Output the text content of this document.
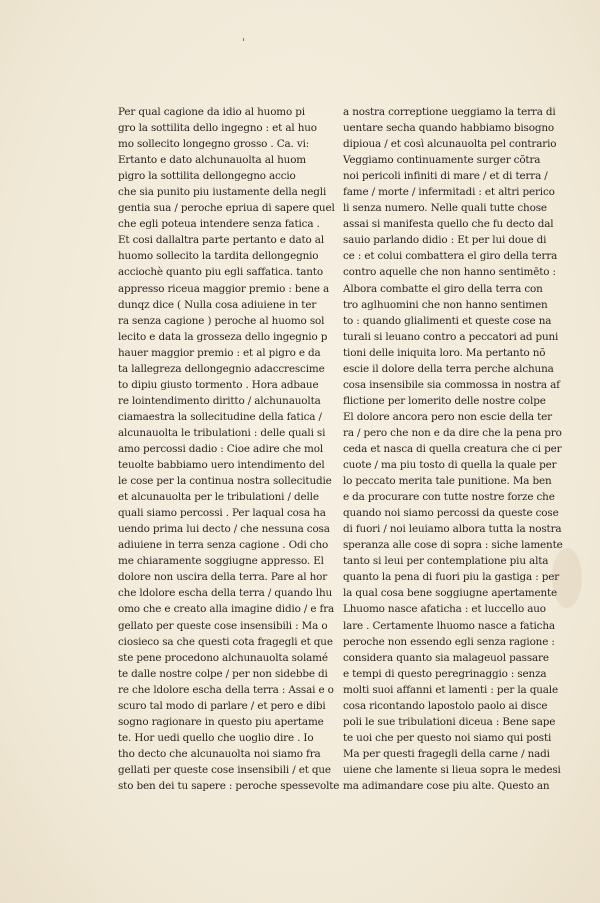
'
Per qual cagione da idio al huomo pi
gro la sottilita dello ingegno : et al huo
mo sollecito longegno grosso . Ca. vi:
Ertanto e dato alchunauolta al huom
pigro la sottilita dellongegno accio
che sia punito piu iustamente della negli
gentia sua / peroche epriua di sapere quel
che egli poteua intendere senza fatica .
Et cosi dallaltra parte pertanto e dato al
huomo sollecito la tardita dellongegnio
acciochè quanto piu egli saffatica. tanto
appresso riceua maggior premio : bene a
dunqz dice ( Nulla cosa adiuiene in ter
ra senza cagione ) peroche al huomo sol
lecito e data la grosseza dello ingegnio p
hauer maggior premio : et al pigro e da
ta lallegreza dellongegnio adaccrescime
to dipiu giusto tormento . Hora adbaue
re lointendimento diritto / alchunauolta
ciamaestra la sollecitudine della fatica /
alcunauolta le tribulationi : delle quali si
amo percossi dadio : Cioe adire che mol
teuolte babbiamo uero intendimento del
le cose per la continua nostra sollecitudie
et alcunauolta per le tribulationi / delle
quali siamo percossi . Per laqual cosa ha
uendo prima lui decto / che nessuna cosa
adiuiene in terra senza cagione . Odi cho
me chiaramente soggiugne appresso. El
dolore non uscira della terra. Pare al hor
che ldolore escha della terra / quando lhu
omo che e creato alla imagine didio / e fra
gellato per queste cose insensibili : Ma o
ciosieco sa che questi cota fragegli et que
ste pene procedono alchunauolta solamé
te dalle nostre colpe / per non sidebbe di
re che ldolore escha della terra : Assai e o
scuro tal modo di parlare / et pero e dibi
sogno ragionare in questo piu apertame
te. Hor uedi quello che uoglio dire . Io
tho decto che alcunauolta noi siamo fra
gellati per queste cose insensibili / et que
sto ben dei tu sapere : peroche spessevolte
a nostra correptione ueggiamo la terra di
uentare secha quando habbiamo bisogno
dipioua / et così alcunauolta pel contrario
Veggiamo continuamente surger cõtra
noi pericoli infiniti di mare / et di terra /
fame / morte / infermitadi : et altri perico
li senza numero. Nelle quali tutte chose
assai si manifesta quello che fu decto dal
sauio parlando didio : Et per lui doue di
ce : et colui combattera el giro della terra
contro aquelle che non hanno sentimēto :
Albora combatte el giro della terra con
tro aglhuomini che non hanno sentimen
to : quando glialimenti et queste cose na
turali si leuano contro a peccatori ad puni
tioni delle iniquita loro. Ma pertanto nõ
escie il dolore della terra perche alchuna
cosa insensibile sia commossa in nostra af
flictione per lomerito delle nostre colpe
El dolore ancora pero non escie della ter
ra / pero che non e da dire che la pena pro
ceda et nasca di quella creatura che ci per
cuote / ma piu tosto di quella la quale per
lo peccato merita tale punitione. Ma ben
e da procurare con tutte nostre forze che
quando noi siamo percossi da queste cose
di fuori / noi leuiamo albora tutta la nostra
speranza alle cose di sopra : siche lamente
tanto si leui per contemplatione piu alta
quanto la pena di fuori piu la gastiga : per
la qual cosa bene soggiugne apertamente
Lhuomo nasce afaticha : et luccello auo
lare . Certamente lhuomo nasce a faticha
peroche non essendo egli senza ragione :
considera quanto sia malageuol passare
e tempi di questo peregrinaggio : senza
molti suoi affanni et lamenti : per la quale
cosa ricontando lapostolo paolo ai disce
poli le sue tribulationi diceua : Bene sape
te uoi che per questo noi siamo qui posti
Ma per questi fragegli della carne / nadi
uiene che lamente si lieua sopra le medesi
ma adimandare cose piu alte. Questo an
